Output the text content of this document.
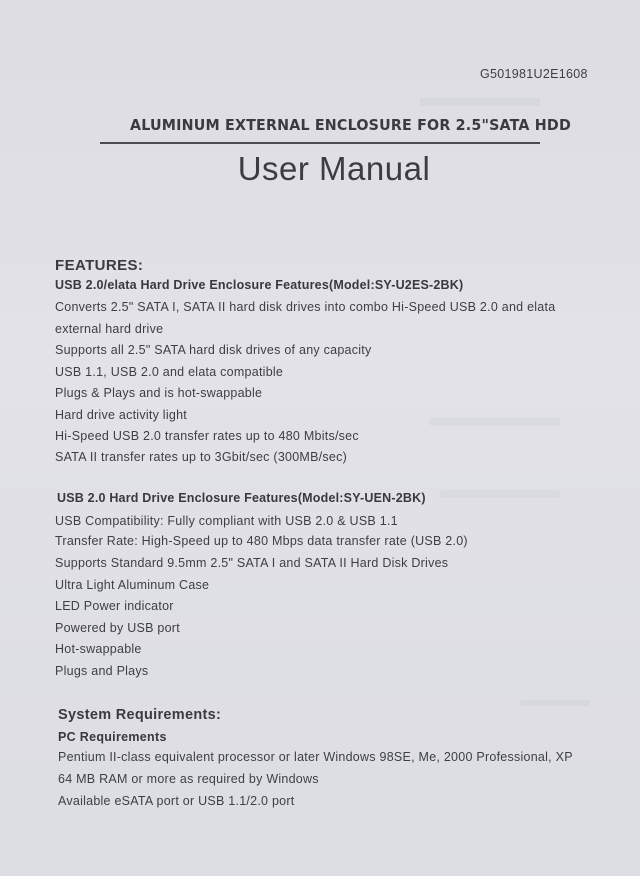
G501981U2E1608
ALUMINUM EXTERNAL ENCLOSURE FOR 2.5"SATA HDD
User Manual
FEATURES:
USB 2.0/elata Hard Drive Enclosure Features(Model:SY-U2ES-2BK)
Converts 2.5" SATA I, SATA II hard disk drives into combo Hi-Speed USB 2.0 and elata
external hard drive
Supports all 2.5" SATA hard disk drives of any capacity
USB 1.1, USB 2.0 and elata compatible
Plugs & Plays and is hot-swappable
Hard drive activity light
Hi-Speed USB 2.0 transfer rates up to 480 Mbits/sec
SATA II transfer rates up to 3Gbit/sec (300MB/sec)
USB 2.0 Hard Drive Enclosure Features(Model:SY-UEN-2BK)
USB Compatibility: Fully compliant with USB 2.0 & USB 1.1
Transfer Rate: High-Speed up to 480 Mbps data transfer rate (USB 2.0)
Supports Standard 9.5mm 2.5" SATA I and SATA II Hard Disk Drives
Ultra Light Aluminum Case
LED Power indicator
Powered by USB port
Hot-swappable
Plugs and Plays
System Requirements:
PC Requirements
Pentium II-class equivalent processor or later Windows 98SE, Me, 2000 Professional, XP
64 MB RAM or more as required by Windows
Available eSATA port or USB 1.1/2.0 port
